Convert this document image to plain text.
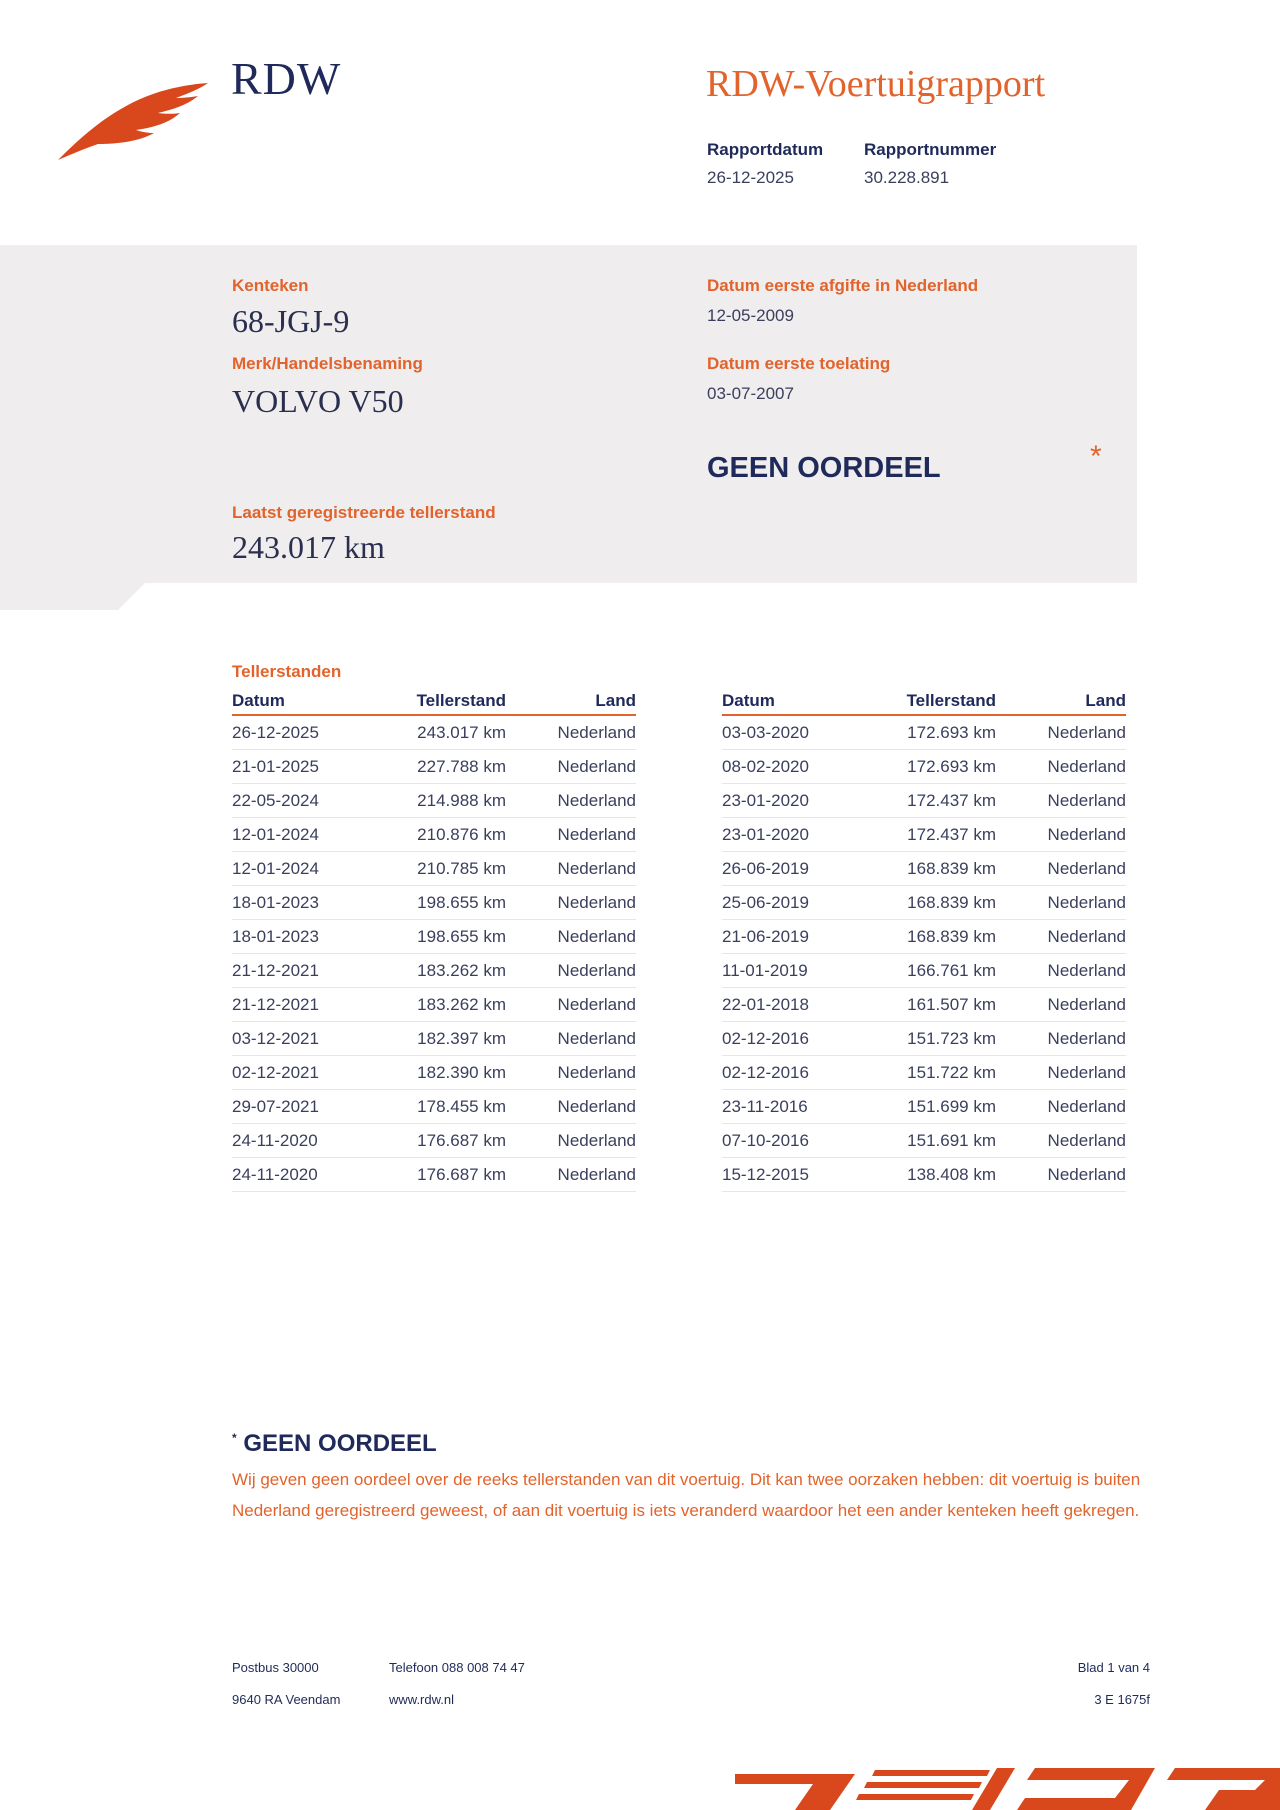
RDW	RDW-Voertuigrapport
Rapportdatum
26-12-2025
Rapportnummer
30.228.891
Kenteken
68-JGJ-9
Merk/Handelsbenaming
VOLVO V50
Datum eerste afgifte in Nederland
12-05-2009
Datum eerste toelating
03-07-2007
GEEN OORDEEL	*
Laatst geregistreerde tellerstand
243.017 km
Tellerstanden
Datum	Tellerstand	Land
26-12-2025	243.017 km	Nederland
21-01-2025	227.788 km	Nederland
22-05-2024	214.988 km	Nederland
12-01-2024	210.876 km	Nederland
12-01-2024	210.785 km	Nederland
18-01-2023	198.655 km	Nederland
18-01-2023	198.655 km	Nederland
21-12-2021	183.262 km	Nederland
21-12-2021	183.262 km	Nederland
03-12-2021	182.397 km	Nederland
02-12-2021	182.390 km	Nederland
29-07-2021	178.455 km	Nederland
24-11-2020	176.687 km	Nederland
24-11-2020	176.687 km	Nederland
Datum	Tellerstand	Land
03-03-2020	172.693 km	Nederland
08-02-2020	172.693 km	Nederland
23-01-2020	172.437 km	Nederland
23-01-2020	172.437 km	Nederland
26-06-2019	168.839 km	Nederland
25-06-2019	168.839 km	Nederland
21-06-2019	168.839 km	Nederland
11-01-2019	166.761 km	Nederland
22-01-2018	161.507 km	Nederland
02-12-2016	151.723 km	Nederland
02-12-2016	151.722 km	Nederland
23-11-2016	151.699 km	Nederland
07-10-2016	151.691 km	Nederland
15-12-2015	138.408 km	Nederland
* GEEN OORDEEL
Wij geven geen oordeel over de reeks tellerstanden van dit voertuig. Dit kan twee oorzaken hebben: dit voertuig is buiten Nederland geregistreerd geweest, of aan dit voertuig is iets veranderd waardoor het een ander kenteken heeft gekregen.
Postbus 30000
9640 RA Veendam
Telefoon 088 008 74 47
www.rdw.nl
Blad 1 van 4
3 E 1675f
